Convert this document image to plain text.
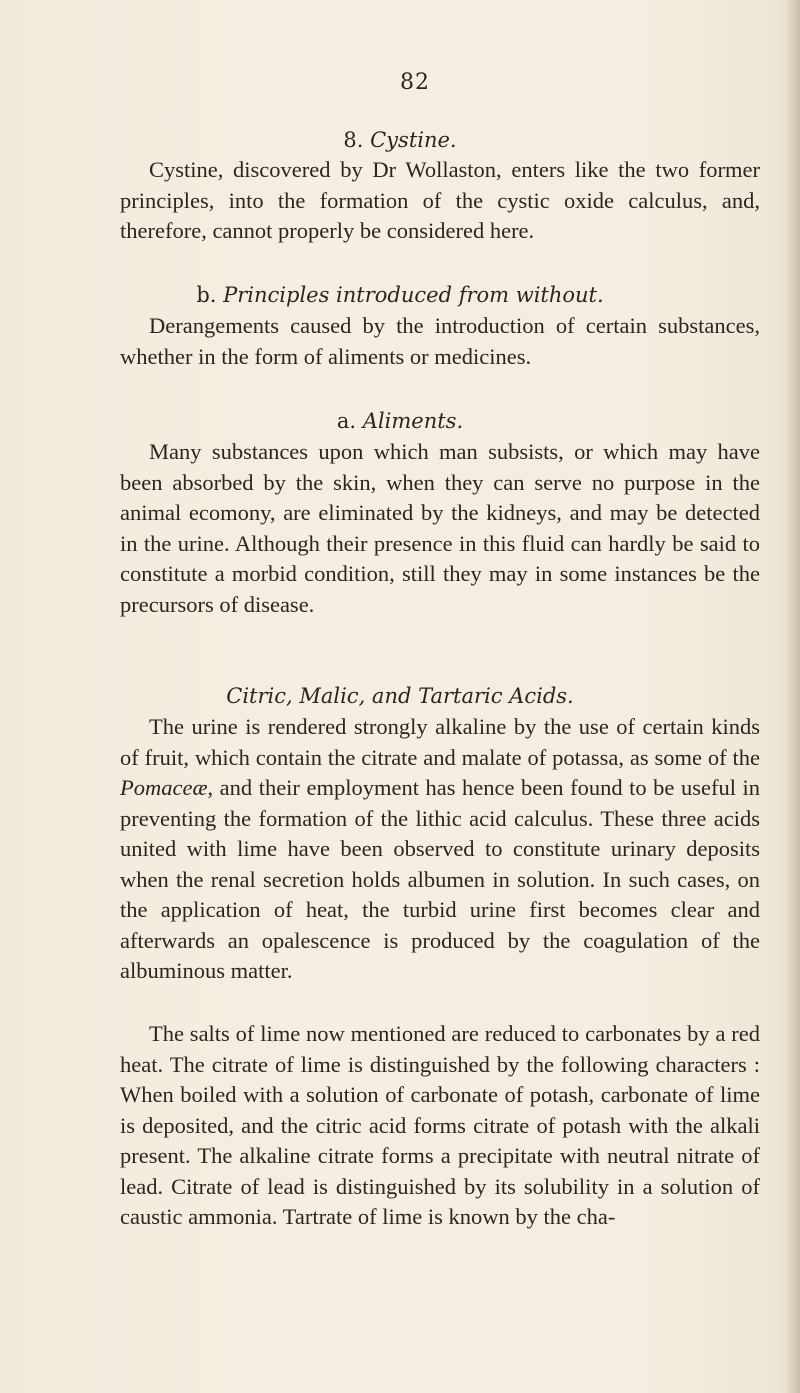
82
8. Cystine.

Cystine, discovered by Dr Wollaston, enters like the two former principles, into the formation of the cystic oxide calculus, and, therefore, cannot properly be considered here.

b. Principles introduced from without.

Derangements caused by the introduction of certain substances, whether in the form of aliments or medicines.

a. Aliments.

Many substances upon which man subsists, or which may have been absorbed by the skin, when they can serve no purpose in the animal ecomony, are eliminated by the kidneys, and may be detected in the urine. Although their presence in this fluid can hardly be said to constitute a morbid condition, still they may in some instances be the precursors of disease.

Citric, Malic, and Tartaric Acids.

The urine is rendered strongly alkaline by the use of certain kinds of fruit, which contain the citrate and malate of potassa, as some of the Pomaceæ, and their employment has hence been found to be useful in preventing the formation of the lithic acid calculus. These three acids united with lime have been observed to constitute urinary deposits when the renal secretion holds albumen in solution. In such cases, on the application of heat, the turbid urine first becomes clear and afterwards an opalescence is produced by the coagulation of the albuminous matter.

The salts of lime now mentioned are reduced to carbonates by a red heat. The citrate of lime is distinguished by the following characters : When boiled with a solution of carbonate of potash, carbonate of lime is deposited, and the citric acid forms citrate of potash with the alkali present. The alkaline citrate forms a precipitate with neutral nitrate of lead. Citrate of lead is distinguished by its solubility in a solution of caustic ammonia. Tartrate of lime is known by the cha-
